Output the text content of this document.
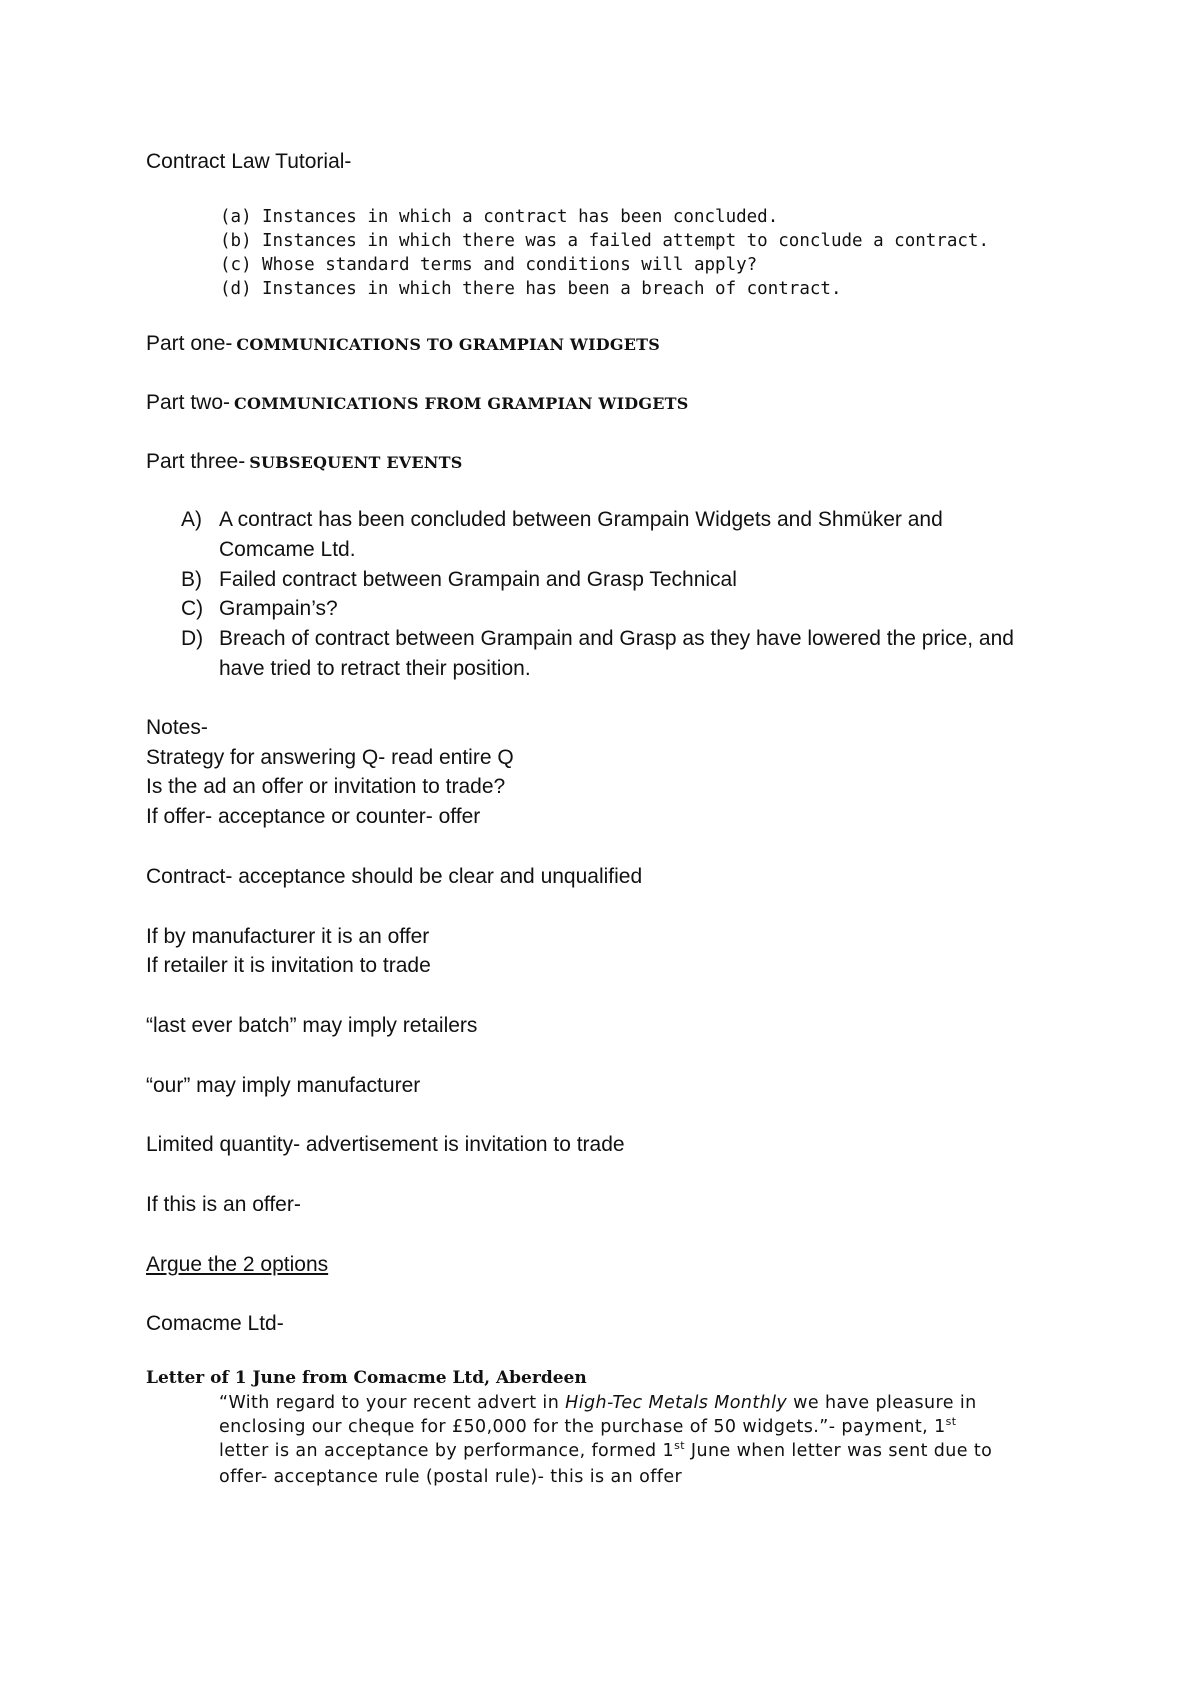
Contract Law Tutorial-
(a) Instances in which a contract has been concluded.
(b) Instances in which there was a failed attempt to conclude a contract.
(c) Whose standard terms and conditions will apply?
(d) Instances in which there has been a breach of contract.
Part one- COMMUNICATIONS TO GRAMPIAN WIDGETS
Part two- COMMUNICATIONS FROM GRAMPIAN WIDGETS
Part three- SUBSEQUENT EVENTS
A) A contract has been concluded between Grampain Widgets and Shmüker and
Comcame Ltd.
B) Failed contract between Grampain and Grasp Technical
C) Grampain’s?
D) Breach of contract between Grampain and Grasp as they have lowered the price, and
have tried to retract their position.
Notes-
Strategy for answering Q- read entire Q
Is the ad an offer or invitation to trade?
If offer- acceptance or counter- offer
Contract- acceptance should be clear and unqualified
If by manufacturer it is an offer
If retailer it is invitation to trade
“last ever batch” may imply retailers
“our” may imply manufacturer
Limited quantity- advertisement is invitation to trade
If this is an offer-
Argue the 2 options
Comacme Ltd-
Letter of 1 June from Comacme Ltd, Aberdeen
“With regard to your recent advert in High-Tec Metals Monthly we have pleasure in
enclosing our cheque for £50,000 for the purchase of 50 widgets.”- payment, 1st
letter is an acceptance by performance, formed 1st June when letter was sent due to
offer- acceptance rule (postal rule)- this is an offer
